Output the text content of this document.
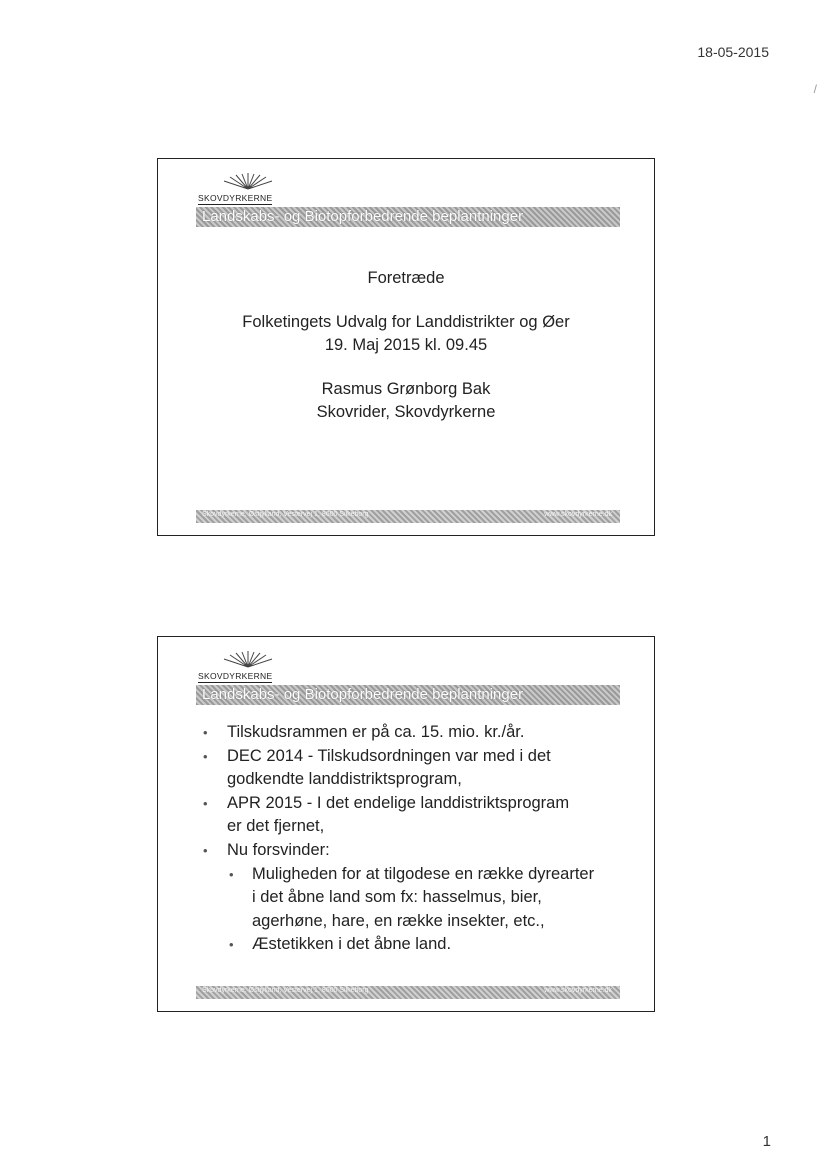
18-05-2015
/
SKOVDYRKERNE
Landskabs- og Biotopforbedrende beplantninger

Foretræde

Folketingets Udvalg for Landdistrikter og Øer

19. Maj 2015 kl. 09.45

Rasmus Grønborg Bak

Skovrider, Skovdyrkerne

Skovdyrkerne, Østjylland, Vestervej 1, 8600 Silkeborg	www.skovdyrkerne.dk
SKOVDYRKERNE
Landskabs- og Biotopforbedrende beplantninger
• Tilskudsrammen er på ca. 15. mio. kr./år.
• DEC 2014 - Tilskudsordningen var med i det
godkendte landdistriktsprogram,
• APR 2015 - I det endelige landdistriktsprogram
er det fjernet,
• Nu forsvinder:
• Muligheden for at tilgodese en række dyrearter
i det åbne land som fx: hasselmus, bier,
agerhøne, hare, en række insekter, etc.,
• Æstetikken i det åbne land.
Skovdyrkerne, Østjylland, Vestervej 1, 8600 Silkeborg	www.skovdyrkerne.dk
1
